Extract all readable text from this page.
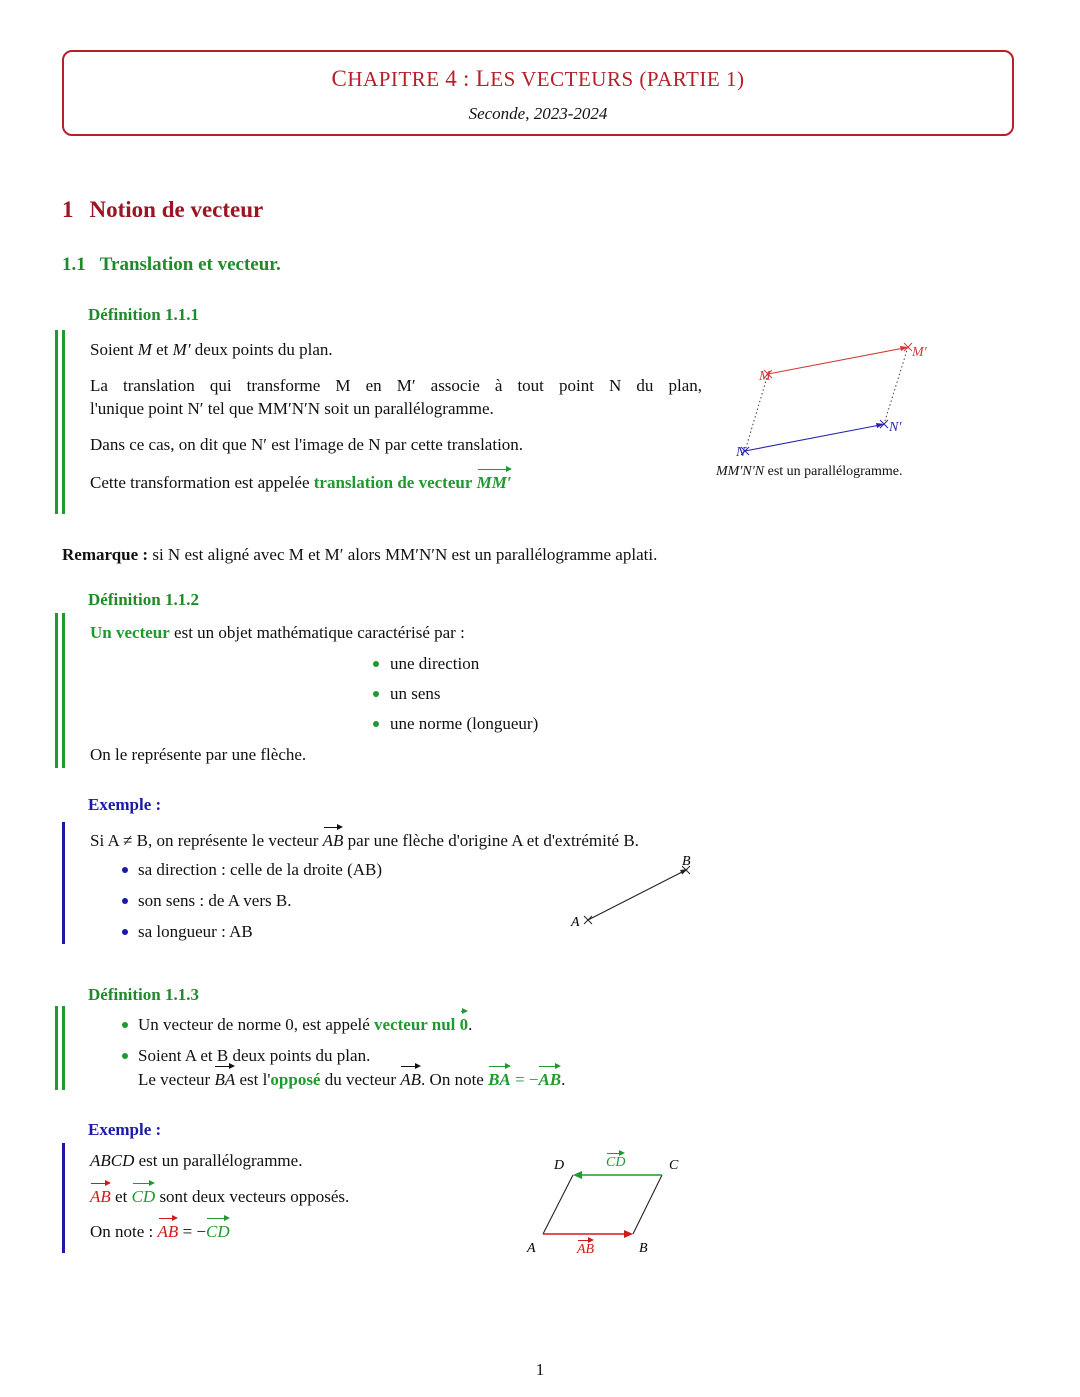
CHAPITRE 4 : LES VECTEURS (PARTIE 1)
Seconde, 2023-2024
1 Notion de vecteur
1.1 Translation et vecteur.
Définition 1.1.1
Soient M et M′ deux points du plan.
La translation qui transforme M en M′ associe à tout point N du plan,
l'unique point N′ tel que MM′N′N soit un parallélogramme.
Dans ce cas, on dit que N′ est l'image de N par cette translation.
Cette transformation est appelée translation de vecteur MM′
M
M′
N
N′
MM′N′N est un parallélogramme.
Remarque : si N est aligné avec M et M′ alors MM′N′N est un parallélogramme aplati.
Définition 1.1.2
Un vecteur est un objet mathématique caractérisé par :
une direction
un sens
une norme (longueur)
On le représente par une flèche.
Exemple :
Si A ≠ B, on représente le vecteur AB par une flèche d'origine A et d'extrémité B.
sa direction : celle de la droite (AB)
son sens : de A vers B.
sa longueur : AB	A
B
Définition 1.1.3
Un vecteur de norme 0, est appelé vecteur nul 0.
Soient A et B deux points du plan.
Le vecteur BA est l'opposé du vecteur AB. On note BA = −AB.
Exemple :
ABCD est un parallélogramme.
AB et CD sont deux vecteurs opposés.
On note : AB = −CD
D	C
A	B
CD
AB
1
